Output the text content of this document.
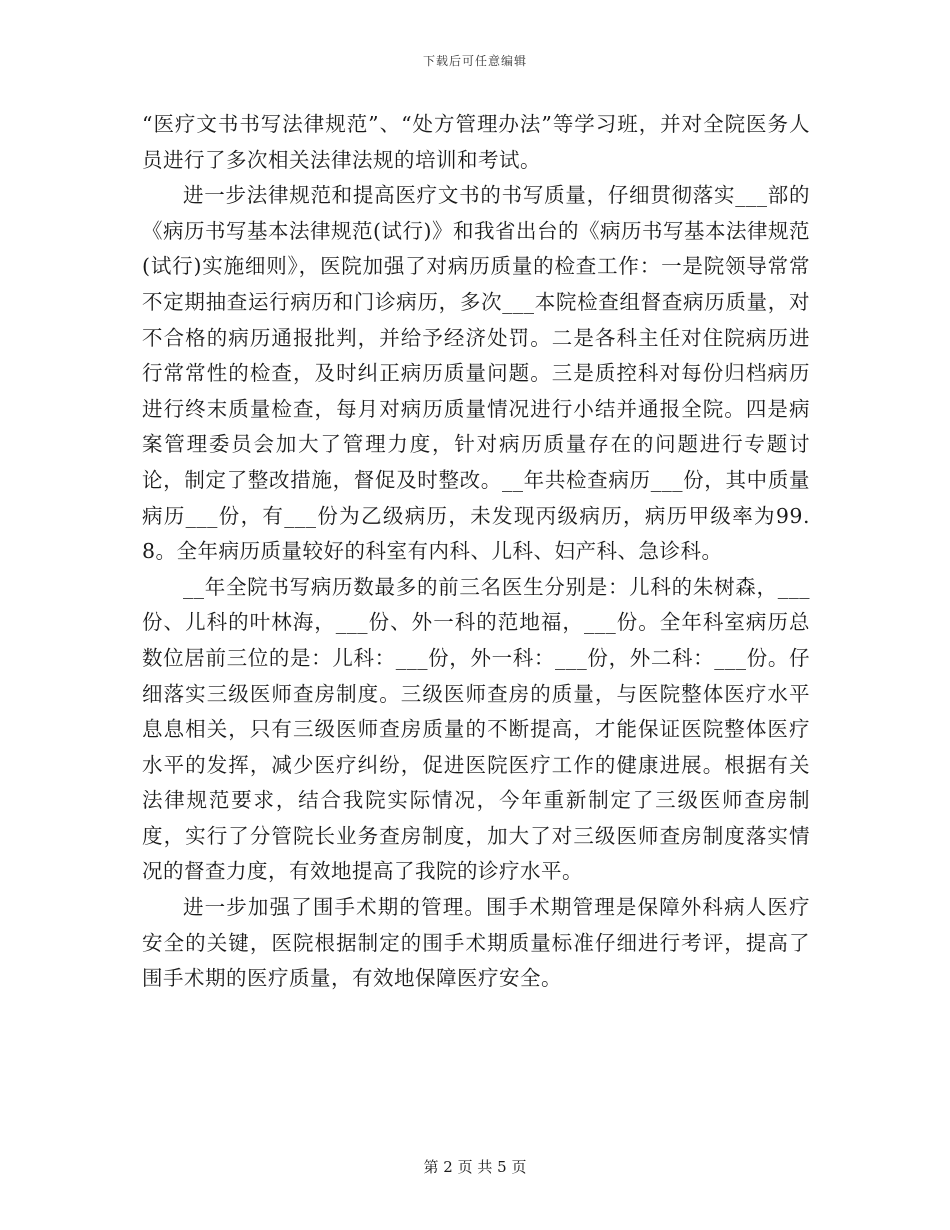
下载后可任意编辑

“医疗文书书写法律规范”、“处方管理办法”等学习班，并对全院医务人员进行了多次相关法律法规的培训和考试。

进一步法律规范和提高医疗文书的书写质量，仔细贯彻落实___部的《病历书写基本法律规范(试行)》和我省出台的《病历书写基本法律规范(试行)实施细则》，医院加强了对病历质量的检查工作：一是院领导常常不定期抽查运行病历和门诊病历，多次___本院检查组督查病历质量，对不合格的病历通报批判，并给予经济处罚。二是各科主任对住院病历进行常常性的检查，及时纠正病历质量问题。三是质控科对每份归档病历进行终末质量检查，每月对病历质量情况进行小结并通报全院。四是病案管理委员会加大了管理力度，针对病历质量存在的问题进行专题讨论，制定了整改措施，督促及时整改。__年共检查病历___份，其中质量病历___份，有___份为乙级病历，未发现丙级病历，病历甲级率为99.8。全年病历质量较好的科室有内科、儿科、妇产科、急诊科。

__年全院书写病历数最多的前三名医生分别是：儿科的朱树森，___份、儿科的叶林海，___份、外一科的范地福，___份。全年科室病历总数位居前三位的是：儿科：___份，外一科：___份，外二科：___份。仔细落实三级医师查房制度。三级医师查房的质量，与医院整体医疗水平息息相关，只有三级医师查房质量的不断提高，才能保证医院整体医疗水平的发挥，减少医疗纠纷，促进医院医疗工作的健康进展。根据有关法律规范要求，结合我院实际情况，今年重新制定了三级医师查房制度，实行了分管院长业务查房制度，加大了对三级医师查房制度落实情况的督查力度，有效地提高了我院的诊疗水平。

进一步加强了围手术期的管理。围手术期管理是保障外科病人医疗安全的关键，医院根据制定的围手术期质量标准仔细进行考评，提高了围手术期的医疗质量，有效地保障医疗安全。

第 2 页 共 5 页
